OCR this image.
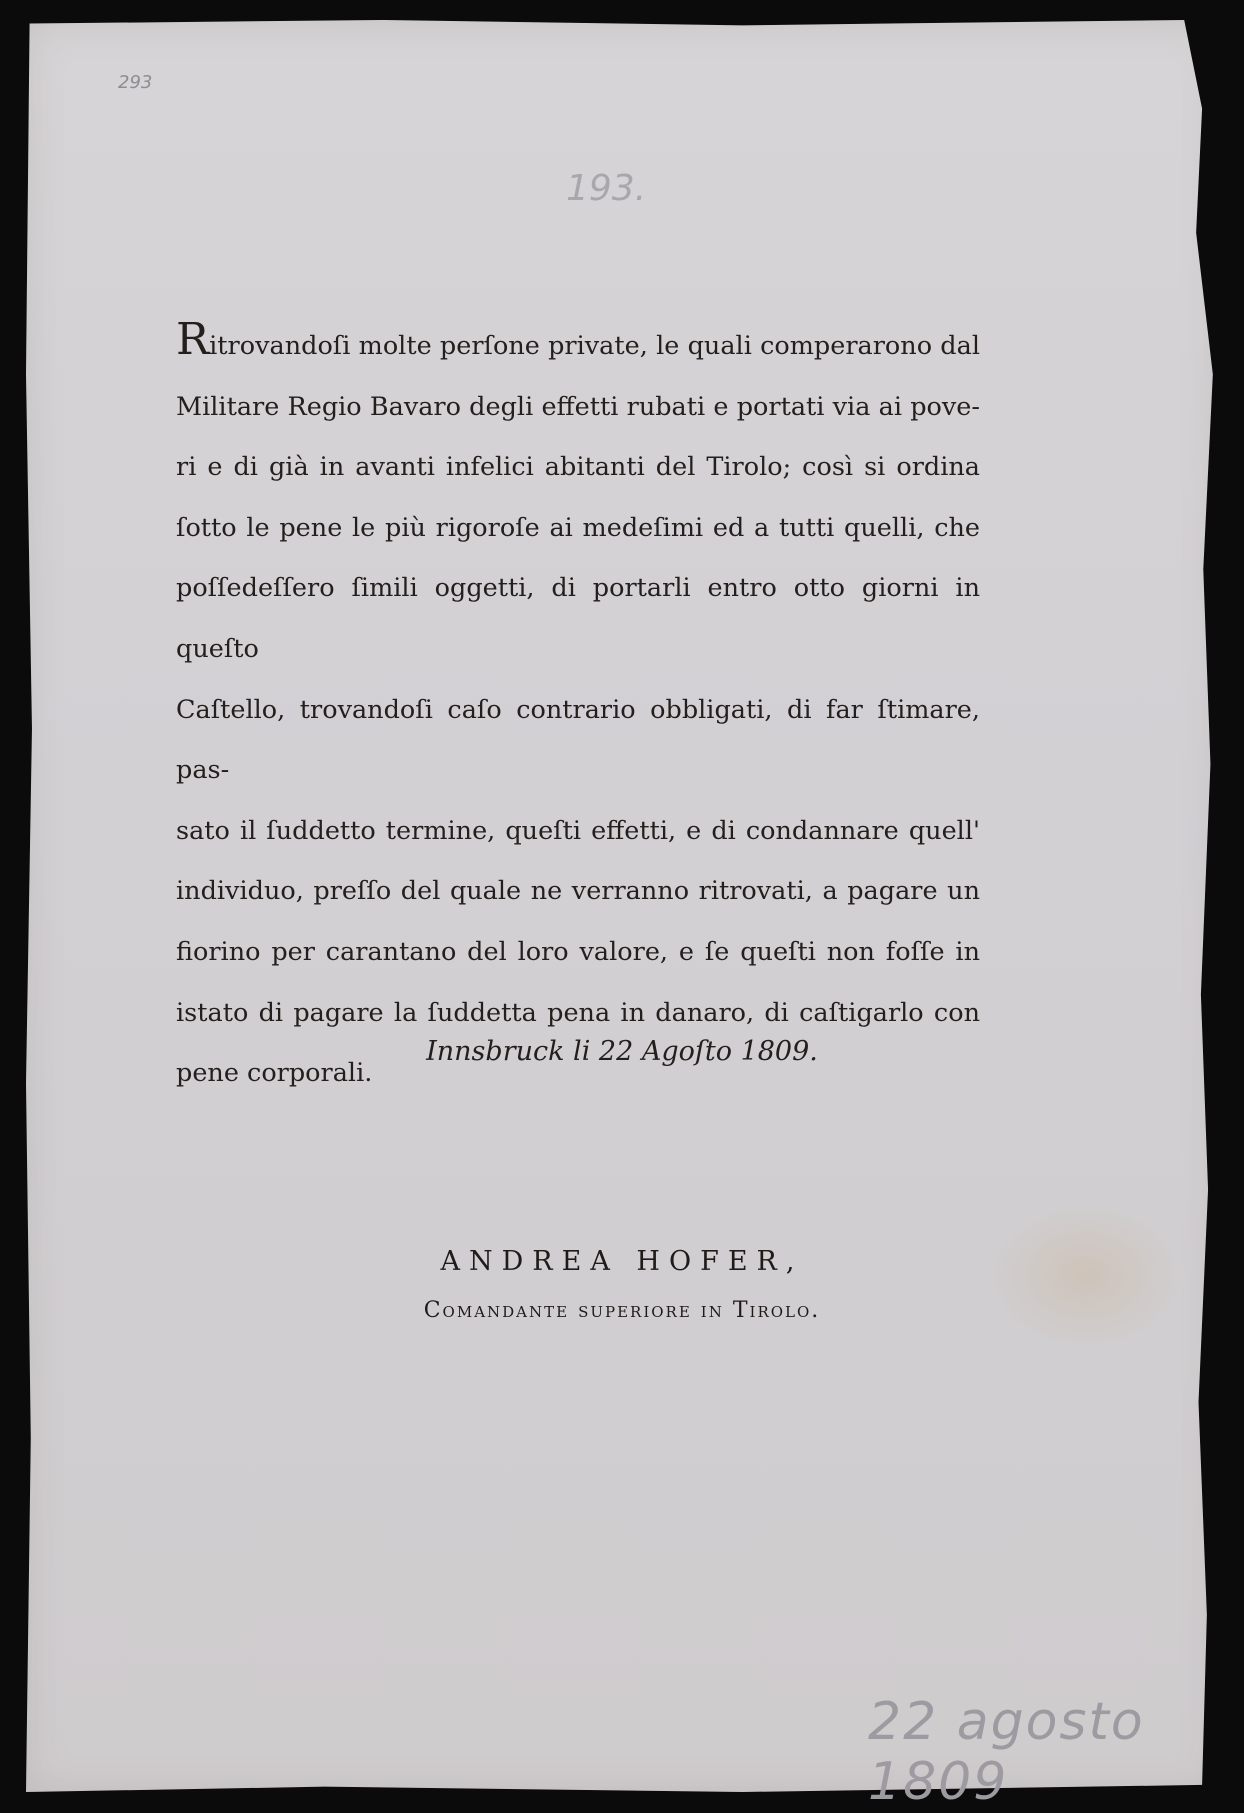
293
193.

Ritrovandoſi molte perſone private, le quali comperarono dal
Militare Regio Bavaro degli effetti rubati e portati via ai pove-
ri e di già in avanti infelici abitanti del Tirolo; così si ordina
ſotto le pene le più rigoroſe ai medeſimi ed a tutti quelli, che
poſſedeſſero ſimili oggetti, di portarli entro otto giorni in queſto
Caſtello, trovandoſi caſo contrario obbligati, di far ſtimare, pas-
sato il ſuddetto termine, queſti effetti, e di condannare quell'
individuo, preſſo del quale ne verranno ritrovati, a pagare un
fiorino per carantano del loro valore, e ſe queſti non foſſe in
istato di pagare la ſuddetta pena in danaro, di caſtigarlo con
pene corporali.

Innsbruck li 22 Agoſto 1809.
ANDREA HOFER,
Comandante superiore in Tirolo.
22 agosto 1809
